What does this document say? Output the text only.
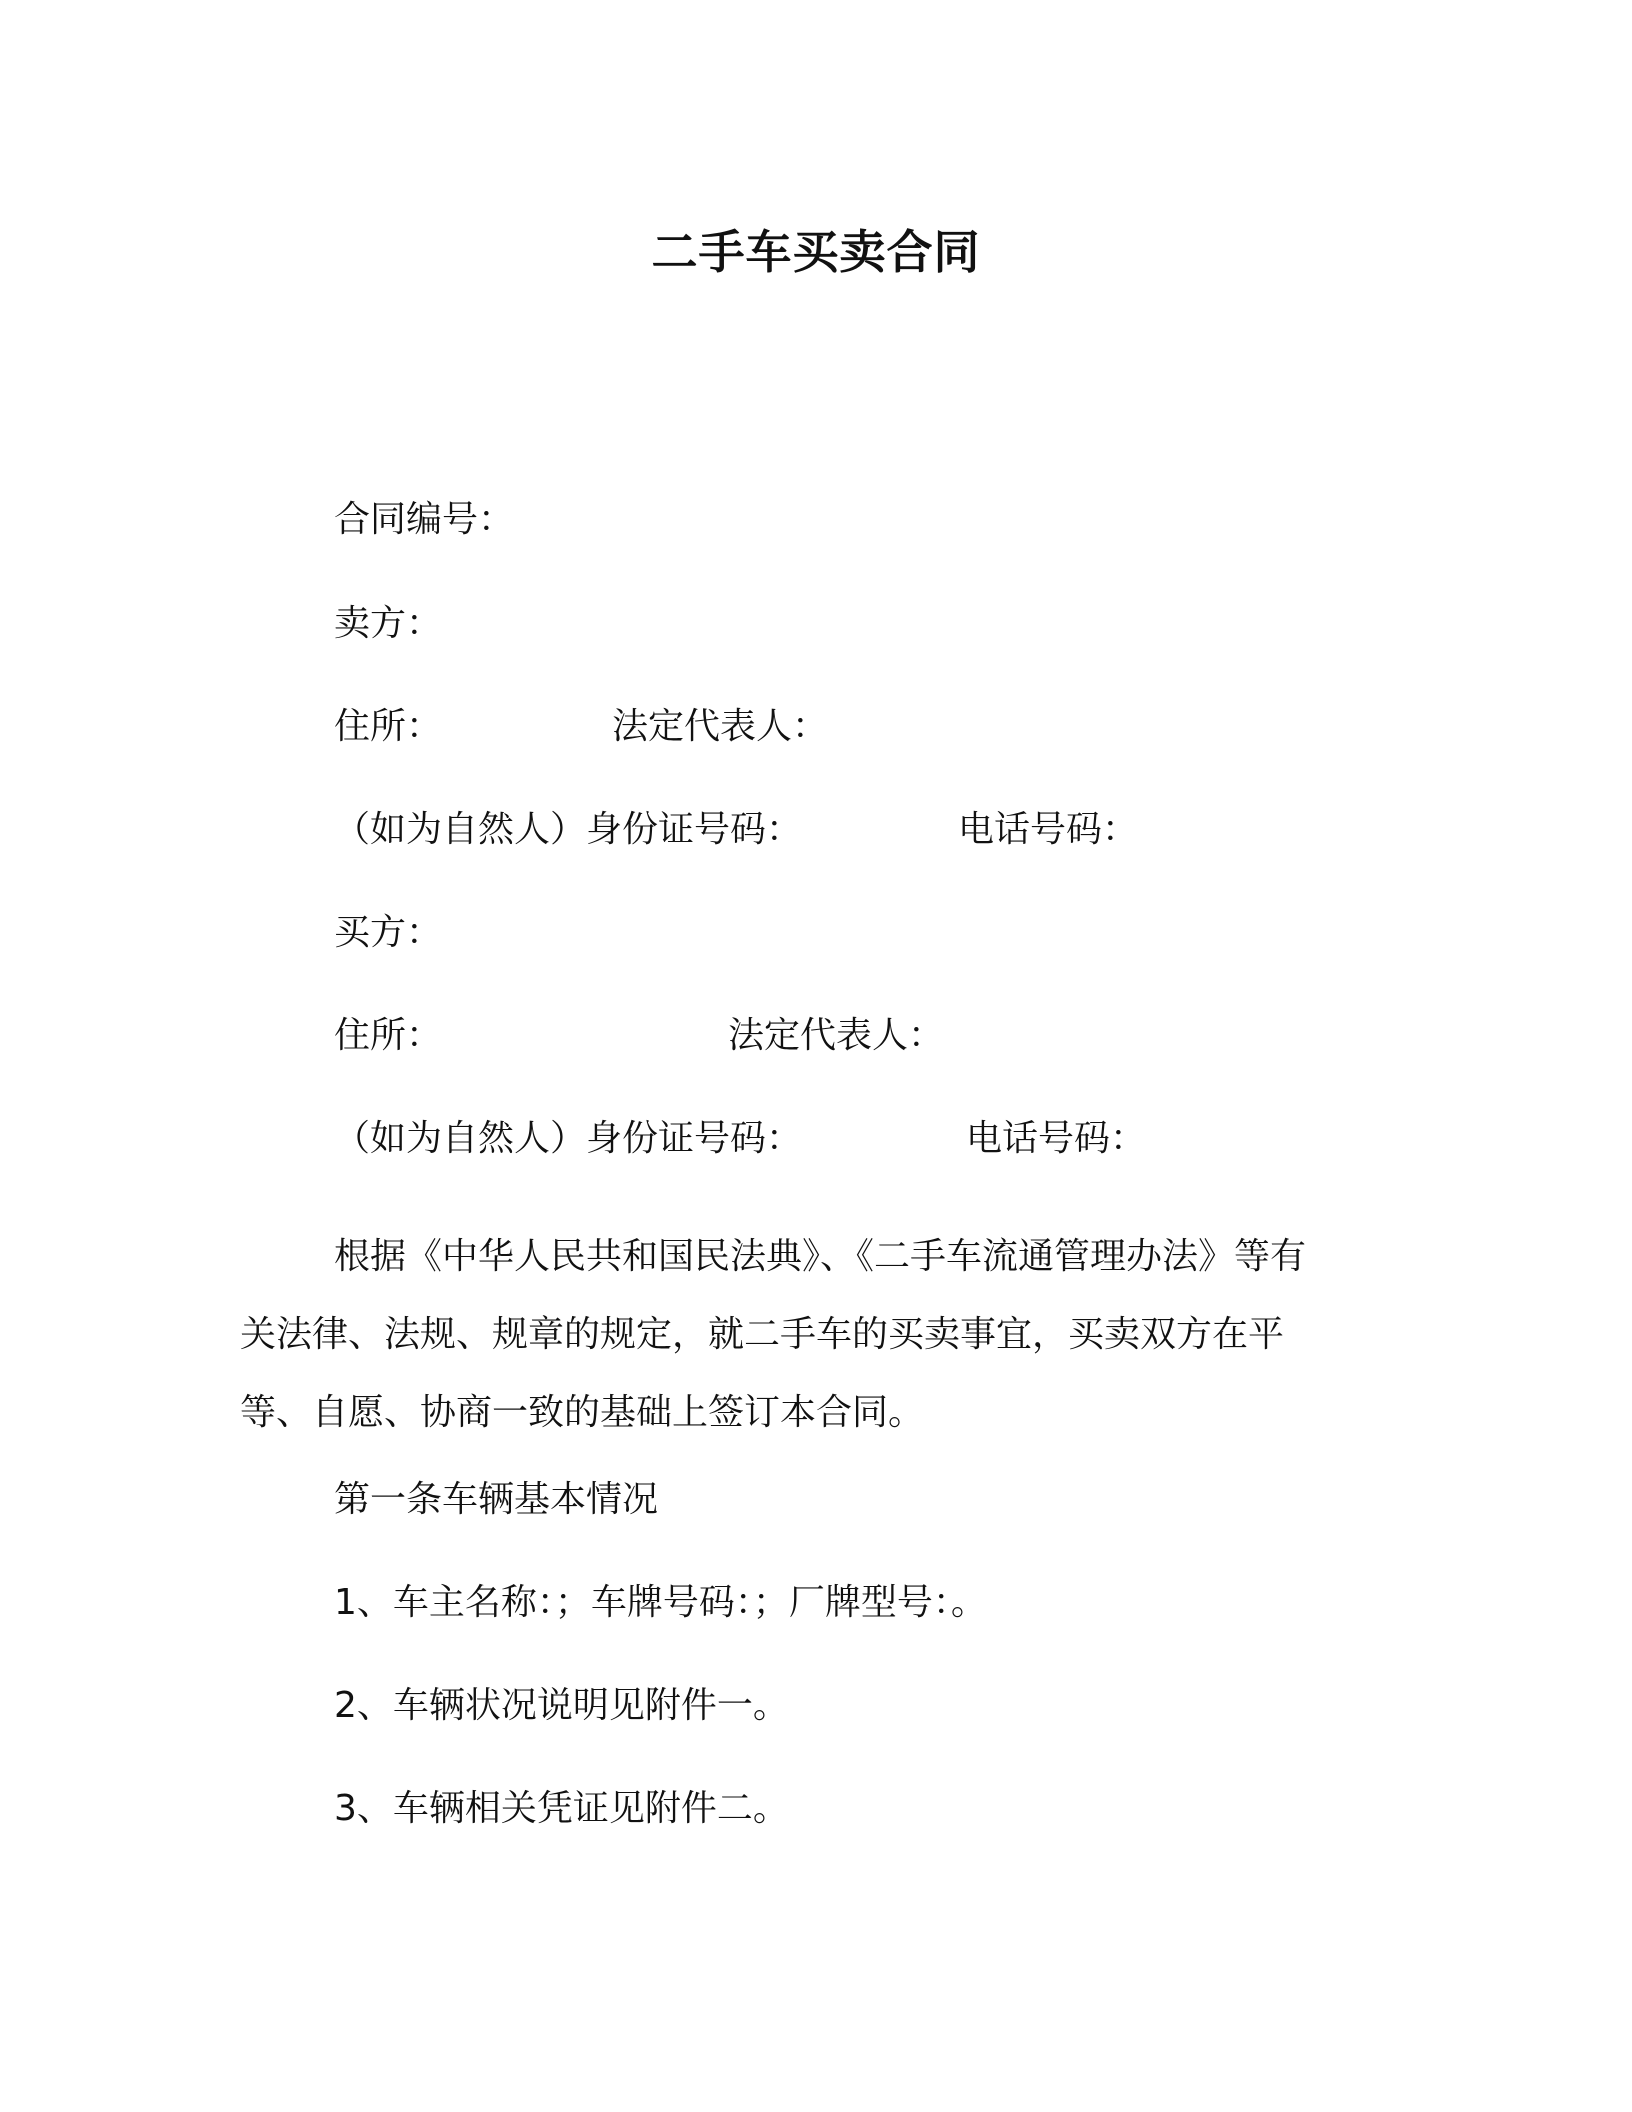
二手车买卖合同
合同编号：
卖方：
住所：	法定代表人：
（如为自然人）身份证号码：	电话号码：
买方：
住所：	法定代表人：
（如为自然人）身份证号码：	电话号码：
根据《中华人民共和国民法典》、《二手车流通管理办法》等有
关法律、法规、规章的规定，就二手车的买卖事宜，买卖双方在平
等、自愿、协商一致的基础上签订本合同。
第一条车辆基本情况
1、车主名称：；车牌号码：；厂牌型号：。
2、车辆状况说明见附件一。
3、车辆相关凭证见附件二。
